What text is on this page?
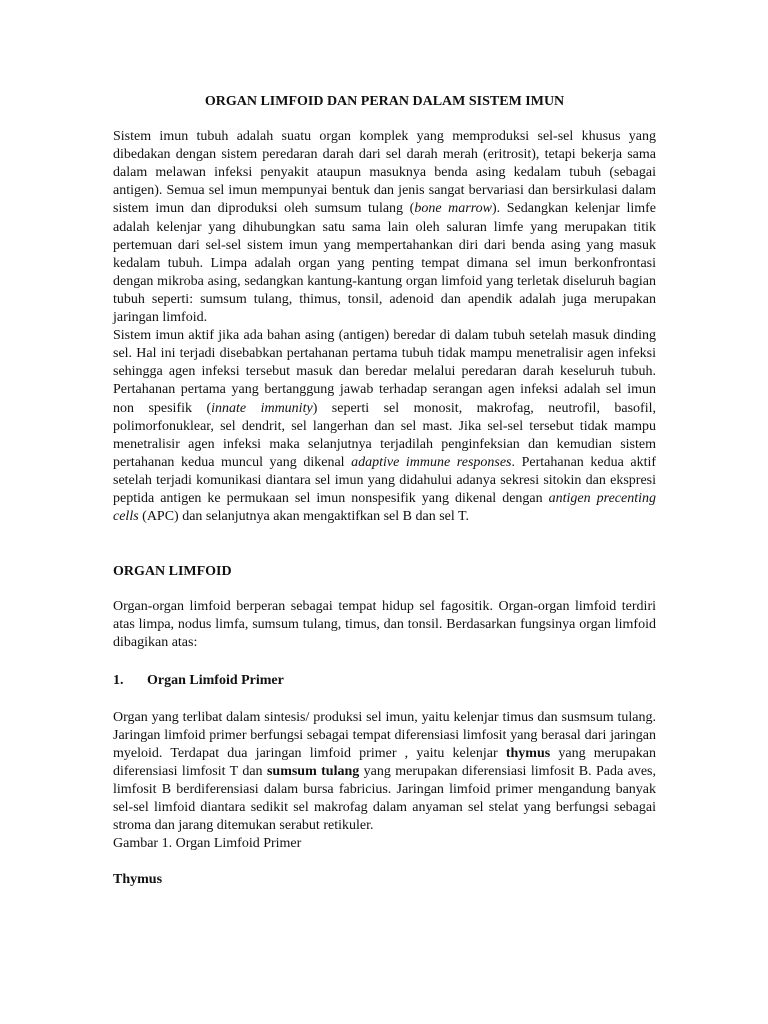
ORGAN LIMFOID DAN PERAN DALAM SISTEM IMUN

Sistem imun tubuh adalah suatu organ komplek yang memproduksi sel-sel khusus yang dibedakan dengan sistem peredaran darah dari sel darah merah (eritrosit), tetapi bekerja sama dalam melawan infeksi penyakit ataupun masuknya benda asing kedalam tubuh (sebagai antigen). Semua sel imun mempunyai bentuk dan jenis sangat bervariasi dan bersirkulasi dalam sistem imun dan diproduksi oleh sumsum tulang (bone marrow). Sedangkan kelenjar limfe adalah kelenjar yang dihubungkan satu sama lain oleh saluran limfe yang merupakan titik pertemuan dari sel-sel sistem imun yang mempertahankan diri dari benda asing yang masuk kedalam tubuh. Limpa adalah organ yang penting tempat dimana sel imun berkonfrontasi dengan mikroba asing, sedangkan kantung-kantung organ limfoid yang terletak diseluruh bagian tubuh seperti: sumsum tulang, thimus, tonsil, adenoid dan apendik adalah juga merupakan jaringan limfoid.

Sistem imun aktif jika ada bahan asing (antigen) beredar di dalam tubuh setelah masuk dinding sel. Hal ini terjadi disebabkan pertahanan pertama tubuh tidak mampu menetralisir agen infeksi sehingga agen infeksi tersebut masuk dan beredar melalui peredaran darah keseluruh tubuh. Pertahanan pertama yang bertanggung jawab terhadap serangan agen infeksi adalah sel imun non spesifik (innate immunity) seperti sel monosit, makrofag, neutrofil, basofil, polimorfonuklear, sel dendrit, sel langerhan dan sel mast. Jika sel-sel tersebut tidak mampu menetralisir agen infeksi maka selanjutnya terjadilah penginfeksian dan kemudian sistem pertahanan kedua muncul yang dikenal adaptive immune responses. Pertahanan kedua aktif setelah terjadi komunikasi diantara sel imun yang didahului adanya sekresi sitokin dan ekspresi peptida antigen ke permukaan sel imun nonspesifik yang dikenal dengan antigen precenting cells (APC) dan selanjutnya akan mengaktifkan sel B dan sel T.

ORGAN LIMFOID

Organ-organ limfoid berperan sebagai tempat hidup sel fagositik. Organ-organ limfoid terdiri atas limpa, nodus limfa, sumsum tulang, timus, dan tonsil. Berdasarkan fungsinya organ limfoid dibagikan atas:

1. Organ Limfoid Primer

Organ yang terlibat dalam sintesis/ produksi sel imun, yaitu kelenjar timus dan susmsum tulang. Jaringan limfoid primer berfungsi sebagai tempat diferensiasi limfosit yang berasal dari jaringan myeloid. Terdapat dua jaringan limfoid primer , yaitu kelenjar thymus yang merupakan diferensiasi limfosit T dan sumsum tulang yang merupakan diferensiasi limfosit B. Pada aves, limfosit B berdiferensiasi dalam bursa fabricius. Jaringan limfoid primer mengandung banyak sel-sel limfoid diantara sedikit sel makrofag dalam anyaman sel stelat yang berfungsi sebagai stroma dan jarang ditemukan serabut retikuler.

Gambar 1. Organ Limfoid Primer

Thymus
